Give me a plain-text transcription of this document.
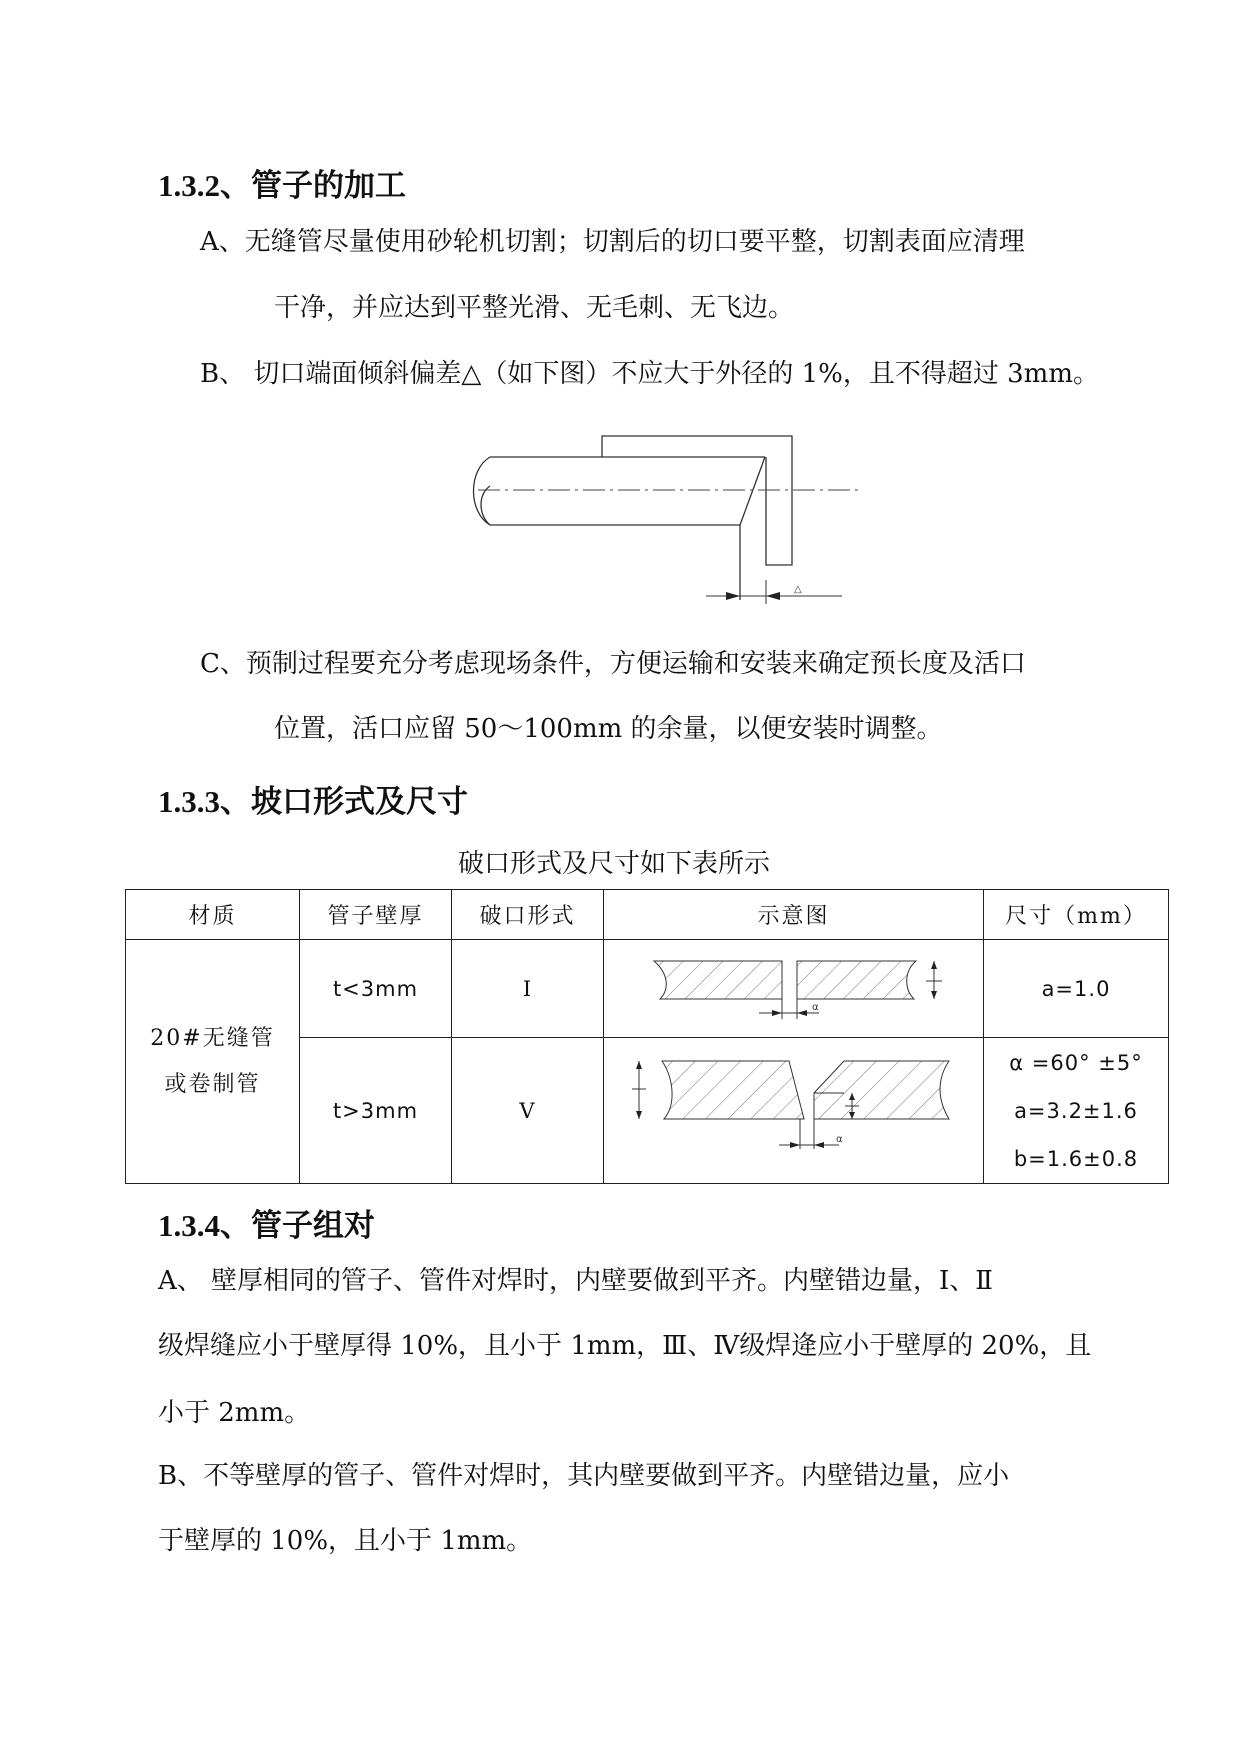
1.3.2、管子的加工
A、无缝管尽量使用砂轮机切割；切割后的切口要平整，切割表面应清理
干净，并应达到平整光滑、无毛刺、无飞边。
B、 切口端面倾斜偏差△（如下图）不应大于外径的 1%，且不得超过 3mm。
△
C、预制过程要充分考虑现场条件，方便运输和安装来确定预长度及活口
位置，活口应留 50～100mm 的余量，以便安装时调整。
1.3.3、坡口形式及尺寸
破口形式及尺寸如下表所示
材质	管子壁厚	破口形式	示意图	尺寸（mm）

20#无缝管
或卷制管	t<3mm	I	α	a=1.0
	t>3mm	V	α	α =60° ±5°
a=3.2±1.6
b=1.6±0.8
1.3.4、管子组对
A、 壁厚相同的管子、管件对焊时，内壁要做到平齐。内壁错边量，Ⅰ、Ⅱ
级焊缝应小于壁厚得 10%，且小于 1mm，Ⅲ、Ⅳ级焊逄应小于壁厚的 20%，且
小于 2mm。
B、不等壁厚的管子、管件对焊时，其内壁要做到平齐。内壁错边量，应小
于壁厚的 10%，且小于 1mm。
